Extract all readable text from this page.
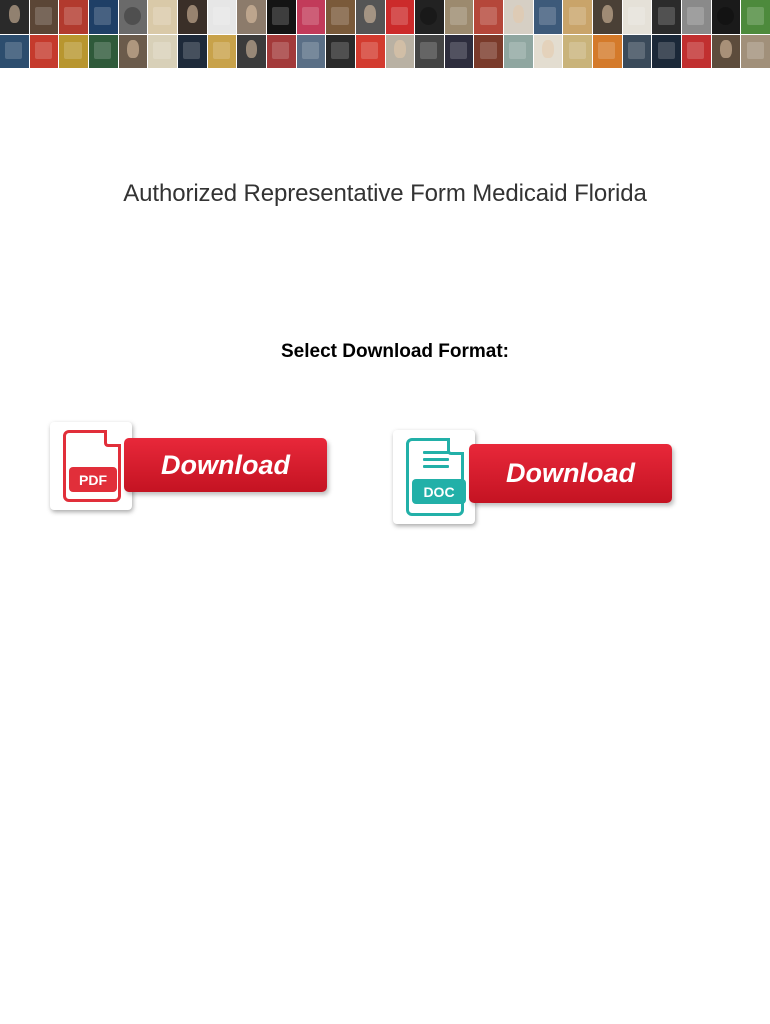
Authorized Representative Form Medicaid Florida

Select Download Format:

PDF	Download
DOC
Download
